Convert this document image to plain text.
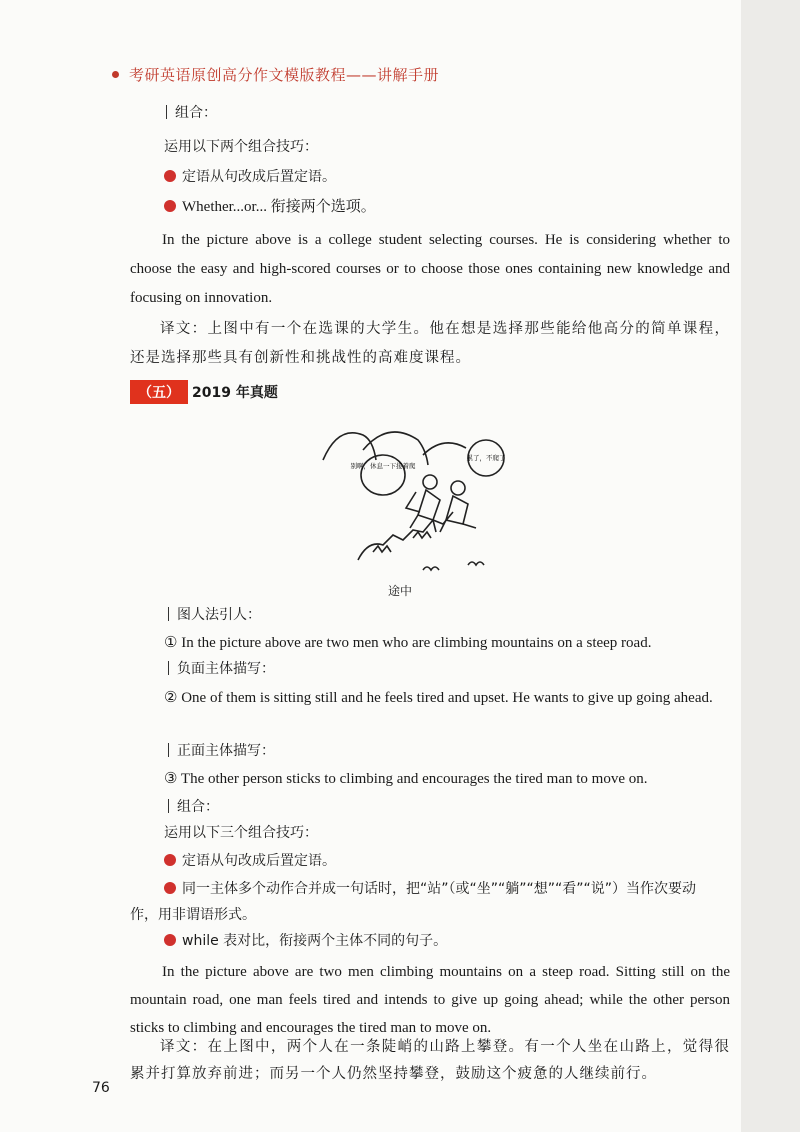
考研英语原创高分作文模版教程——讲解手册
组合：
运用以下两个组合技巧：
定语从句改成后置定语。
Whether...or... 衔接两个选项。
In the picture above is a college student selecting courses. He is considering whether to choose the easy and high-scored courses or to choose those ones containing new knowledge and focusing on innovation.
译文：上图中有一个在选课的大学生。他在想是选择那些能给他高分的简单课程，还是选择那些具有创新性和挑战性的高难度课程。
（五） 2019 年真题
别啊，休息一下接着爬
累了，不爬了
途中
图人法引人：
① In the picture above are two men who are climbing mountains on a steep road.
负面主体描写：
② One of them is sitting still and he feels tired and upset. He wants to give up going ahead.
正面主体描写：
③ The other person sticks to climbing and encourages the tired man to move on.
组合：
运用以下三个组合技巧：
定语从句改成后置定语。
同一主体多个动作合并成一句话时，把“站”（或“坐”“躺”“想”“看”“说”）当作次要动作，用非谓语形式。
while 表对比，衔接两个主体不同的句子。
In the picture above are two men climbing mountains on a steep road. Sitting still on the mountain road, one man feels tired and intends to give up going ahead; while the other person sticks to climbing and encourages the tired man to move on.
译文：在上图中，两个人在一条陡峭的山路上攀登。有一个人坐在山路上，觉得很累并打算放弃前进；而另一个人仍然坚持攀登，鼓励这个疲惫的人继续前行。
76
